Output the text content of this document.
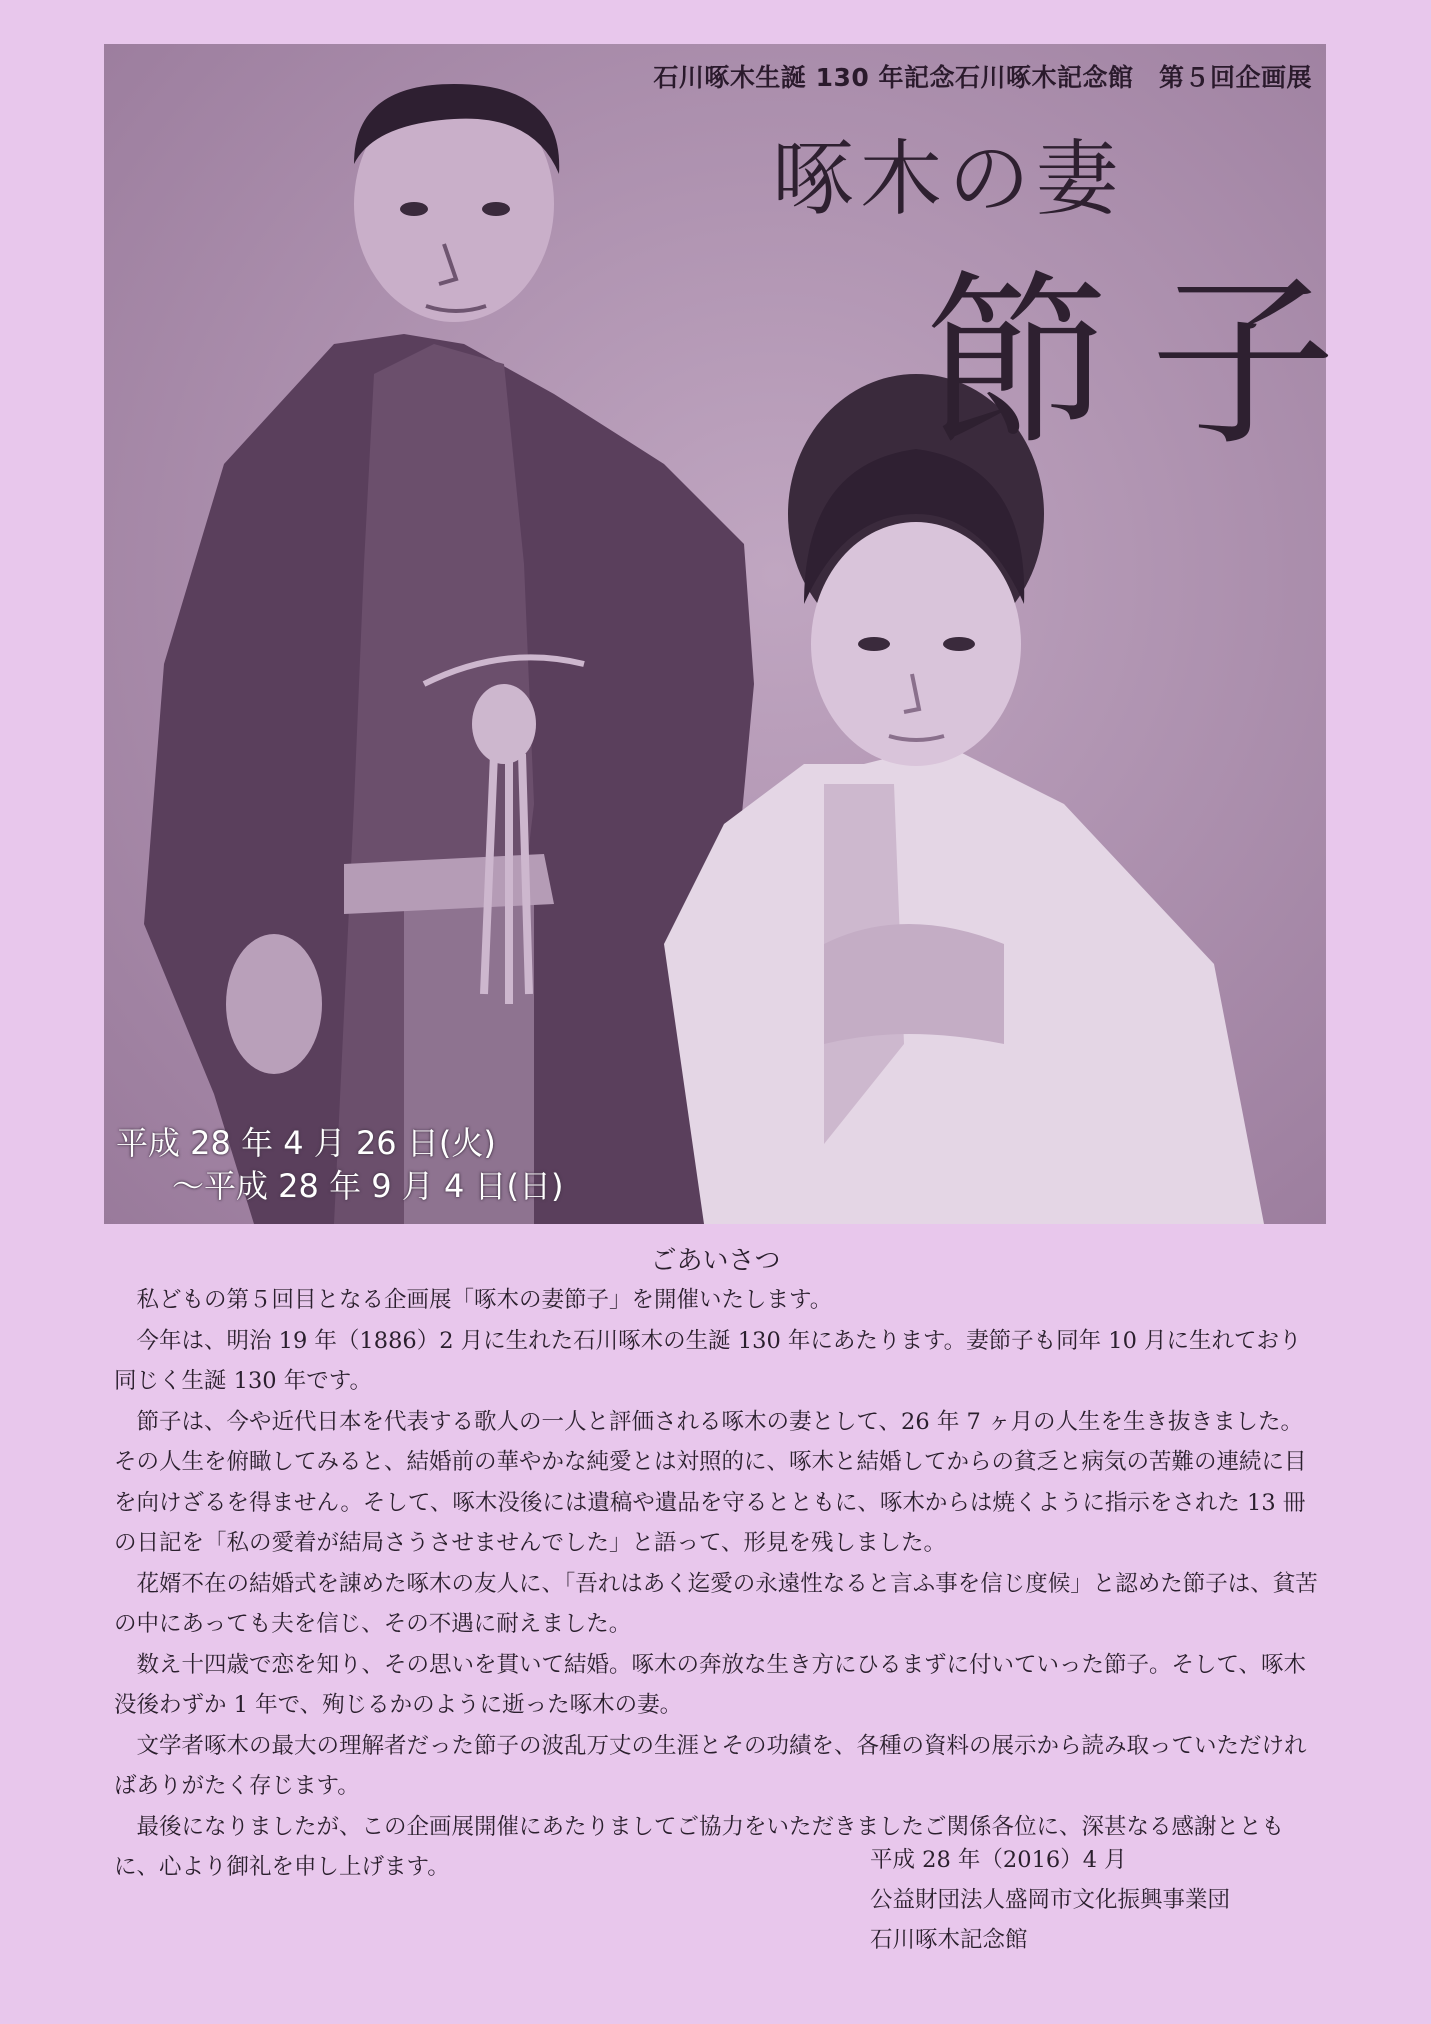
石川啄木生誕 130 年記念石川啄木記念館　第５回企画展
啄木の妻
節子
平成 28 年 4 月 26 日(火)
～平成 28 年 9 月 4 日(日)
ごあいさつ

私どもの第５回目となる企画展「啄木の妻節子」を開催いたします。

今年は、明治 19 年（1886）2 月に生れた石川啄木の生誕 130 年にあたります。妻節子も同年 10 月に生れており同じく生誕 130 年です。

節子は、今や近代日本を代表する歌人の一人と評価される啄木の妻として、26 年 7 ヶ月の人生を生き抜きました。その人生を俯瞰してみると、結婚前の華やかな純愛とは対照的に、啄木と結婚してからの貧乏と病気の苦難の連続に目を向けざるを得ません。そして、啄木没後には遺稿や遺品を守るとともに、啄木からは焼くように指示をされた 13 冊の日記を「私の愛着が結局さうさせませんでした」と語って、形見を残しました。

花婿不在の結婚式を諌めた啄木の友人に、「吾れはあく迄愛の永遠性なると言ふ事を信じ度候」と認めた節子は、貧苦の中にあっても夫を信じ、その不遇に耐えました。

数え十四歳で恋を知り、その思いを貫いて結婚。啄木の奔放な生き方にひるまずに付いていった節子。そして、啄木没後わずか 1 年で、殉じるかのように逝った啄木の妻。

文学者啄木の最大の理解者だった節子の波乱万丈の生涯とその功績を、各種の資料の展示から読み取っていただければありがたく存じます。

最後になりましたが、この企画展開催にあたりましてご協力をいただきましたご関係各位に、深甚なる感謝とともに、心より御礼を申し上げます。	平成 28 年（2016）4 月
公益財団法人盛岡市文化振興事業団
石川啄木記念館
